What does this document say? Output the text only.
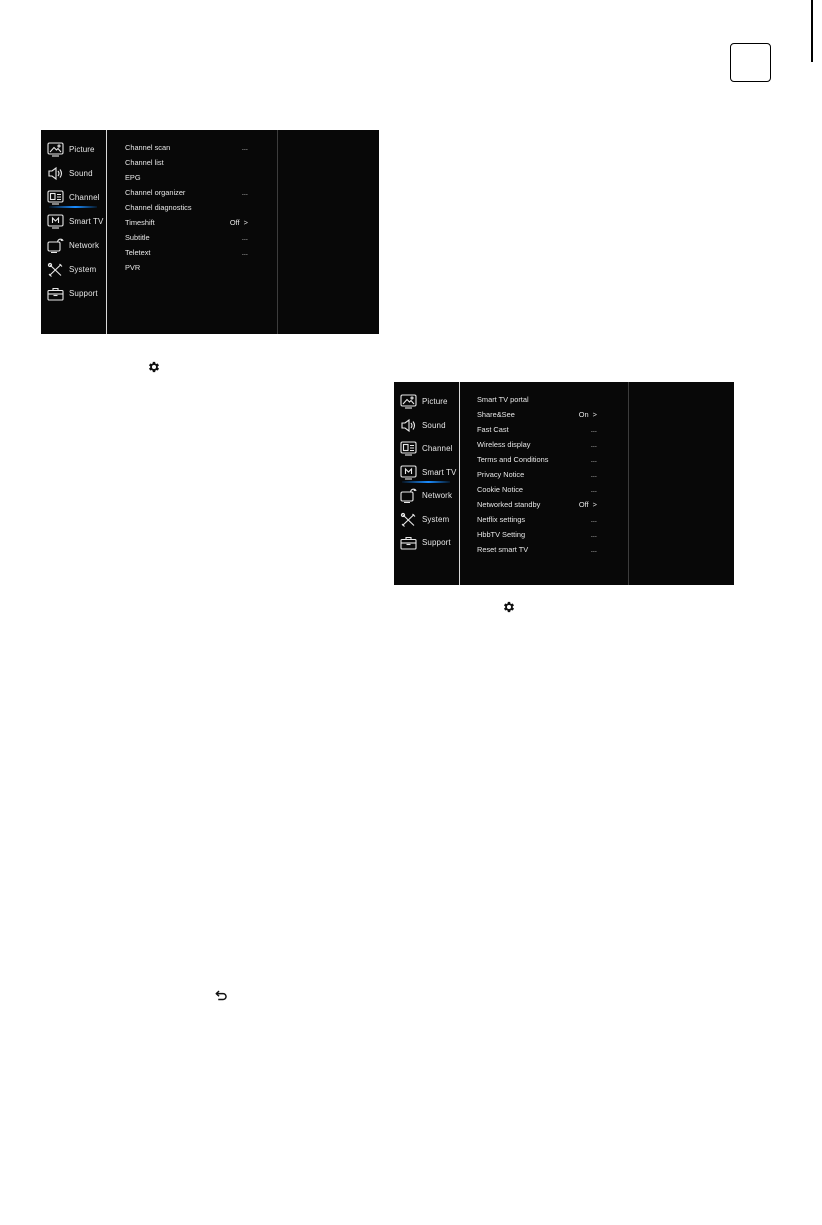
Picture
Sound
Channel
Smart TV
Network
System
Support
Channel scan	...
Channel list
EPG
Channel organizer	...
Channel diagnostics
Timeshift	Off  >
Subtitle	...
Teletext	...
PVR
Picture
Sound
Channel
Smart TV
Network
System
Support
Smart TV portal
Share&See	On  >
Fast Cast	...
Wireless display	...
Terms and Conditions	...
Privacy Notice	...
Cookie Notice	...
Networked standby	Off  >
Netflix settings	...
HbbTV Setting	...
Reset smart TV	...
